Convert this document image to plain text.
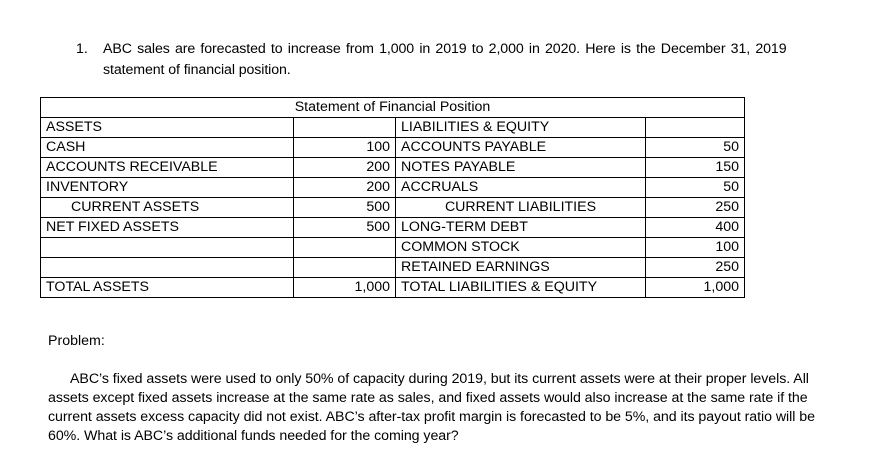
1. ABC sales are forecasted to increase from 1,000 in 2019 to 2,000 in 2020. Here is the December 31, 2019
statement of financial position.
Statement of Financial Position			
ASSETS		LIABILITIES & EQUITY	
CASH	100	ACCOUNTS PAYABLE	50
ACCOUNTS RECEIVABLE	200	NOTES PAYABLE	150
INVENTORY	200	ACCRUALS	50
CURRENT ASSETS	500	CURRENT LIABILITIES	250
NET FIXED ASSETS	500	LONG-TERM DEBT	400
		COMMON STOCK	100
		RETAINED EARNINGS	250
TOTAL ASSETS	1,000	TOTAL LIABILITIES & EQUITY	1,000
Problem:
ABC’s fixed assets were used to only 50% of capacity during 2019, but its current assets were at their proper levels. All assets except fixed assets increase at the same rate as sales, and fixed assets would also increase at the same rate if the current assets excess capacity did not exist. ABC’s after-tax profit margin is forecasted to be 5%, and its payout ratio will be 60%. What is ABC’s additional funds needed for the coming year?
